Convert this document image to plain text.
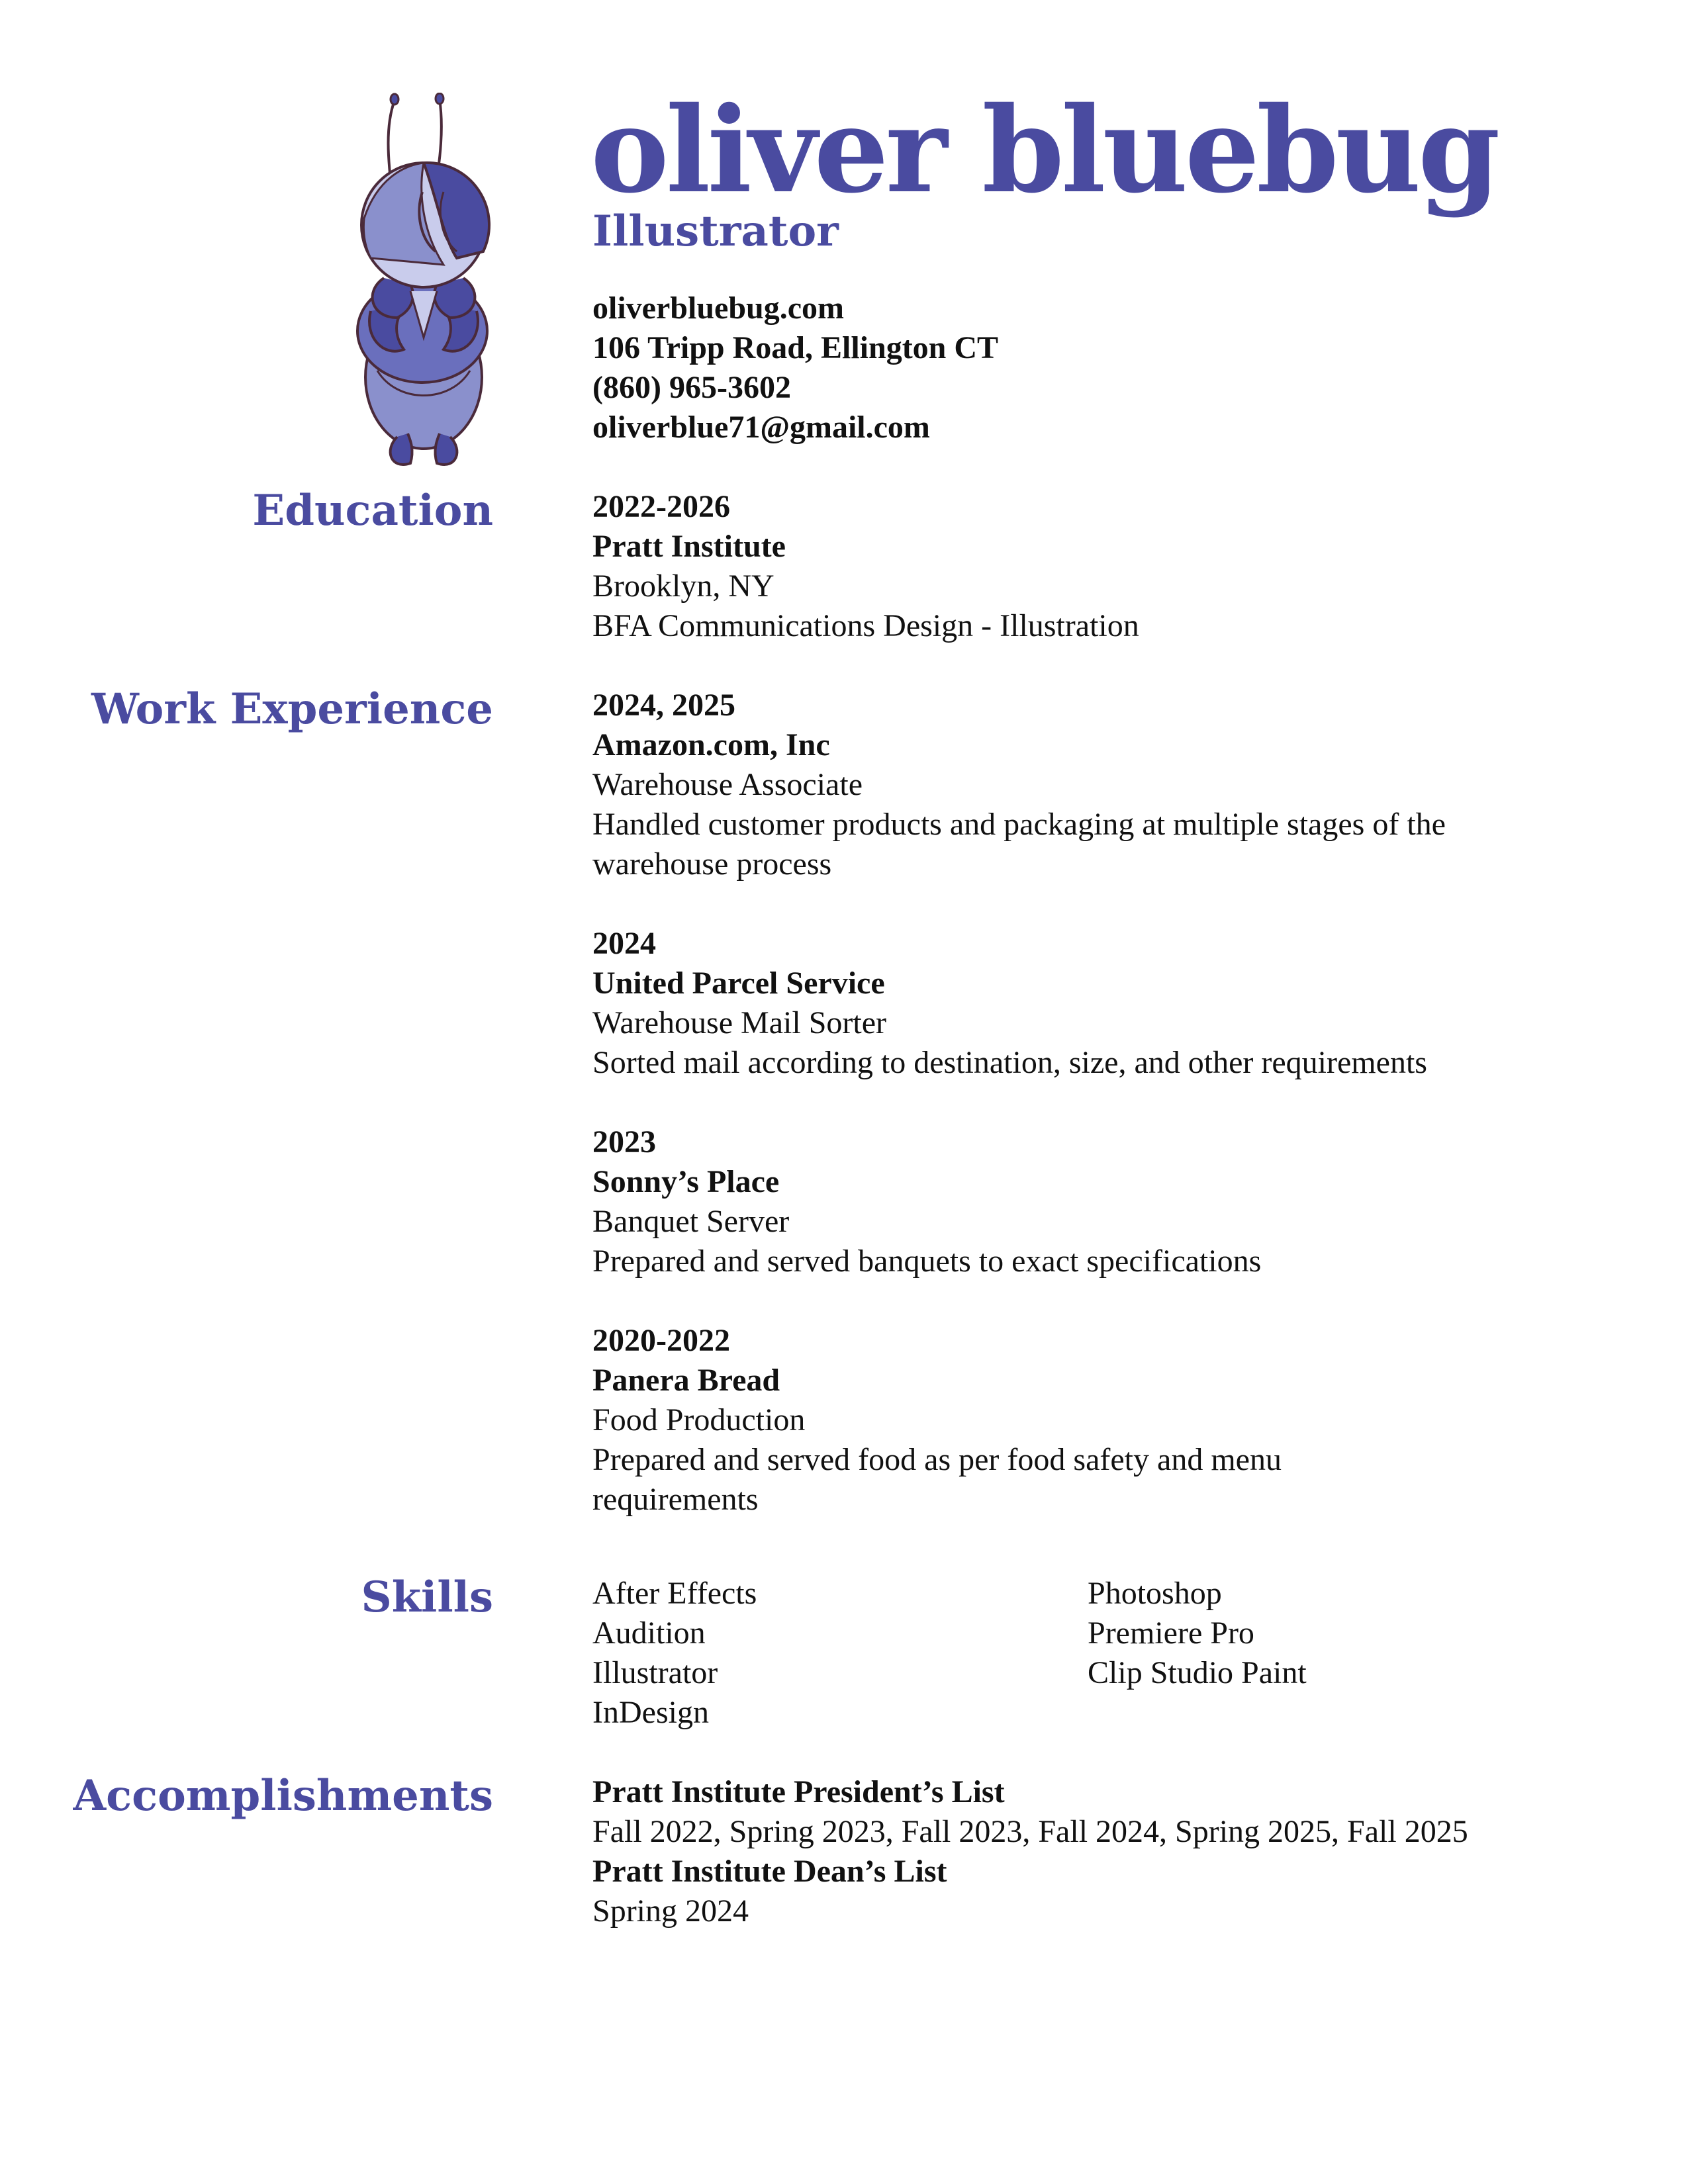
oliver bluebug
Illustrator
oliverbluebug.com
106 Tripp Road, Ellington CT
(860) 965-3602
oliverblue71@gmail.com
Education	2022-2026
Pratt Institute
Brooklyn, NY
BFA Communications Design - Illustration
Work Experience	2024, 2025
Amazon.com, Inc
Warehouse Associate
Handled customer products and packaging at multiple stages of the warehouse process
2024
United Parcel Service
Warehouse Mail Sorter
Sorted mail according to destination, size, and other requirements
2023
Sonny’s Place
Banquet Server
Prepared and served banquets to exact specifications
2020-2022
Panera Bread
Food Production
Prepared and served food as per food safety and menu requirements
Skills	After Effects
Audition
Illustrator
InDesign
Photoshop
Premiere Pro
Clip Studio Paint
Accomplishments	Pratt Institute President’s List
Fall 2022, Spring 2023, Fall 2023, Fall 2024, Spring 2025, Fall 2025
Pratt Institute Dean’s List
Spring 2024
